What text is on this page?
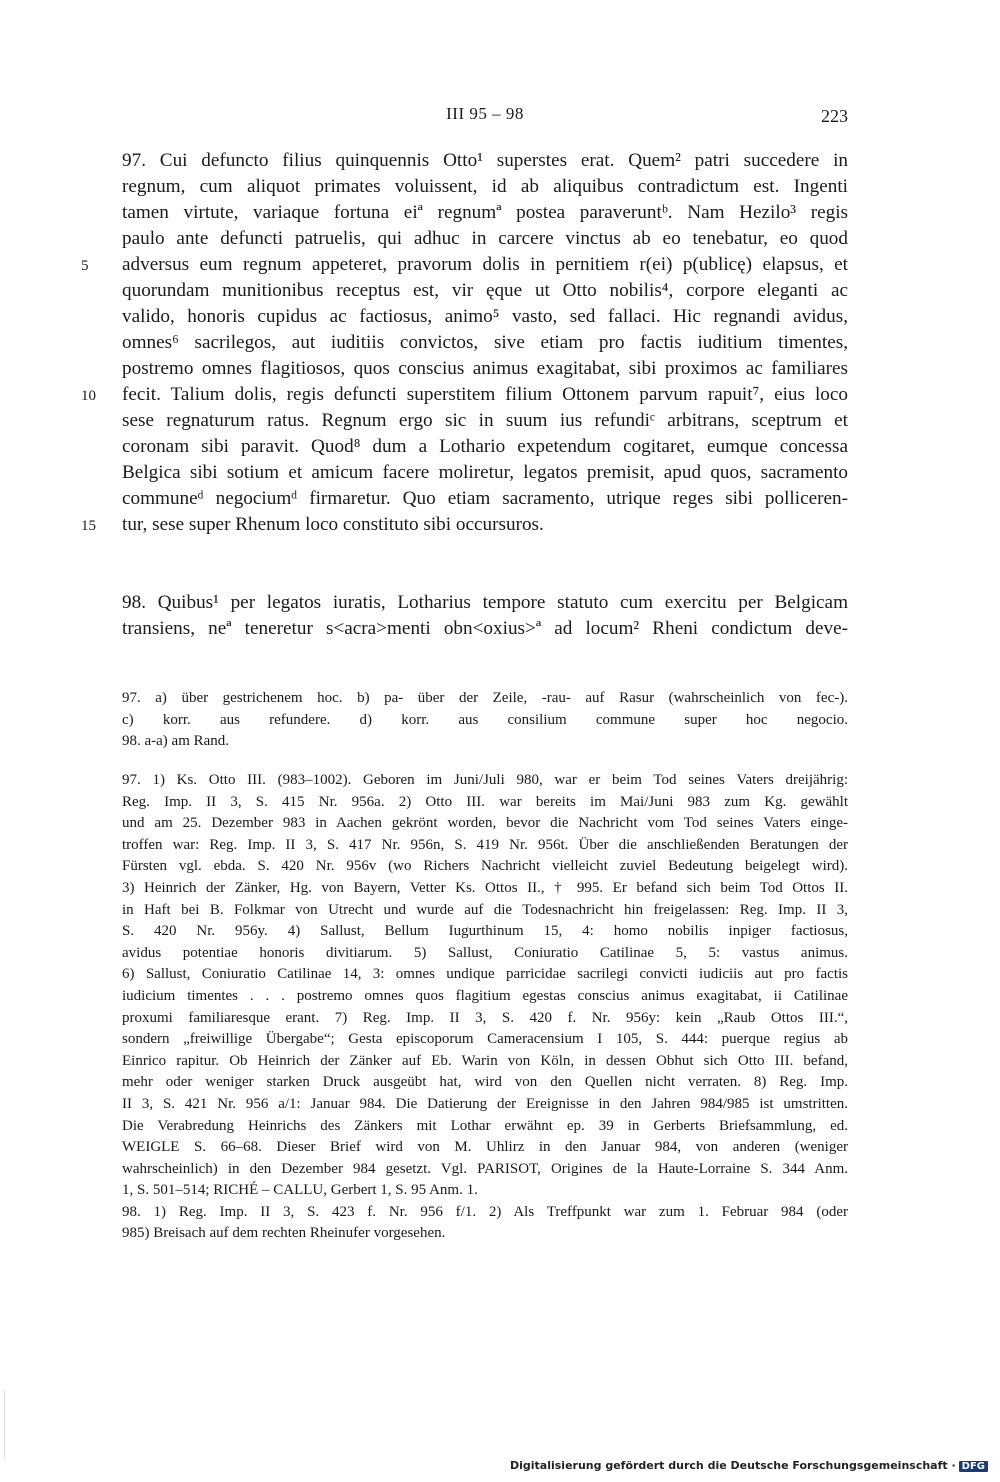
III 95 – 98	223
97. Cui defuncto filius quinquennis Otto¹ superstes erat. Quem² patri succedere in
regnum, cum aliquot primates voluissent, id ab aliquibus contradictum est. Ingenti
tamen virtute, variaque fortuna eiª regnumª postea paraveruntᵇ. Nam Hezilo³ regis
paulo ante defuncti patruelis, qui adhuc in carcere vinctus ab eo tenebatur, eo quod
5 adversus eum regnum appeteret, pravorum dolis in pernitiem r(ei) p(ublicę) elapsus, et
quorundam munitionibus receptus est, vir ęque ut Otto nobilis⁴, corpore eleganti ac
valido, honoris cupidus ac factiosus, animo⁵ vasto, sed fallaci. Hic regnandi avidus,
omnes⁶ sacrilegos, aut iuditiis convictos, sive etiam pro factis iuditium timentes,
postremo omnes flagitiosos, quos conscius animus exagitabat, sibi proximos ac familiares
10 fecit. Talium dolis, regis defuncti superstitem filium Ottonem parvum rapuit⁷, eius loco
sese regnaturum ratus. Regnum ergo sic in suum ius refundiᶜ arbitrans, sceptrum et
coronam sibi paravit. Quod⁸ dum a Lothario expetendum cogitaret, eumque concessa
Belgica sibi sotium et amicum facere moliretur, legatos premisit, apud quos, sacramento
communeᵈ negociumᵈ firmaretur. Quo etiam sacramento, utrique reges sibi polliceren-
15 tur, sese super Rhenum loco constituto sibi occursuros.
98. Quibus¹ per legatos iuratis, Lotharius tempore statuto cum exercitu per Belgicam
transiens, neª teneretur s<acra>menti obn<oxius>ª ad locum² Rheni condictum deve-
97. a) über gestrichenem hoc. b) pa- über der Zeile, -rau- auf Rasur (wahrscheinlich von fec-).
c) korr. aus refundere. d) korr. aus consilium commune super hoc negocio.
98. a-a) am Rand.
97. 1) Ks. Otto III. (983–1002). Geboren im Juni/Juli 980, war er beim Tod seines Vaters dreijährig:
Reg. Imp. II 3, S. 415 Nr. 956a. 2) Otto III. war bereits im Mai/Juni 983 zum Kg. gewählt
und am 25. Dezember 983 in Aachen gekrönt worden, bevor die Nachricht vom Tod seines Vaters einge-
troffen war: Reg. Imp. II 3, S. 417 Nr. 956n, S. 419 Nr. 956t. Über die anschließenden Beratungen der
Fürsten vgl. ebda. S. 420 Nr. 956v (wo Richers Nachricht vielleicht zuviel Bedeutung beigelegt wird).
3) Heinrich der Zänker, Hg. von Bayern, Vetter Ks. Ottos II., † 995. Er befand sich beim Tod Ottos II.
in Haft bei B. Folkmar von Utrecht und wurde auf die Todesnachricht hin freigelassen: Reg. Imp. II 3,
S. 420 Nr. 956y. 4) Sallust, Bellum Iugurthinum 15, 4: homo nobilis inpiger factiosus,
avidus potentiae honoris divitiarum. 5) Sallust, Coniuratio Catilinae 5, 5: vastus animus.
6) Sallust, Coniuratio Catilinae 14, 3: omnes undique parricidae sacrilegi convicti iudiciis aut pro factis
iudicium timentes . . . postremo omnes quos flagitium egestas conscius animus exagitabat, ii Catilinae
proxumi familiaresque erant. 7) Reg. Imp. II 3, S. 420 f. Nr. 956y: kein „Raub Ottos III.“,
sondern „freiwillige Übergabe“; Gesta episcoporum Cameracensium I 105, S. 444: puerque regius ab
Einrico rapitur. Ob Heinrich der Zänker auf Eb. Warin von Köln, in dessen Obhut sich Otto III. befand,
mehr oder weniger starken Druck ausgeübt hat, wird von den Quellen nicht verraten. 8) Reg. Imp.
II 3, S. 421 Nr. 956 a/1: Januar 984. Die Datierung der Ereignisse in den Jahren 984/985 ist umstritten.
Die Verabredung Heinrichs des Zänkers mit Lothar erwähnt ep. 39 in Gerberts Briefsammlung, ed.
WEIGLE S. 66–68. Dieser Brief wird von M. Uhlirz in den Januar 984, von anderen (weniger
wahrscheinlich) in den Dezember 984 gesetzt. Vgl. PARISOT, Origines de la Haute-Lorraine S. 344 Anm.
1, S. 501–514; RICHÉ – CALLU, Gerbert 1, S. 95 Anm. 1.
98. 1) Reg. Imp. II 3, S. 423 f. Nr. 956 f/1. 2) Als Treffpunkt war zum 1. Februar 984 (oder
985) Breisach auf dem rechten Rheinufer vorgesehen.
Digitalisierung gefördert durch die Deutsche Forschungsgemeinschaft · DFG
